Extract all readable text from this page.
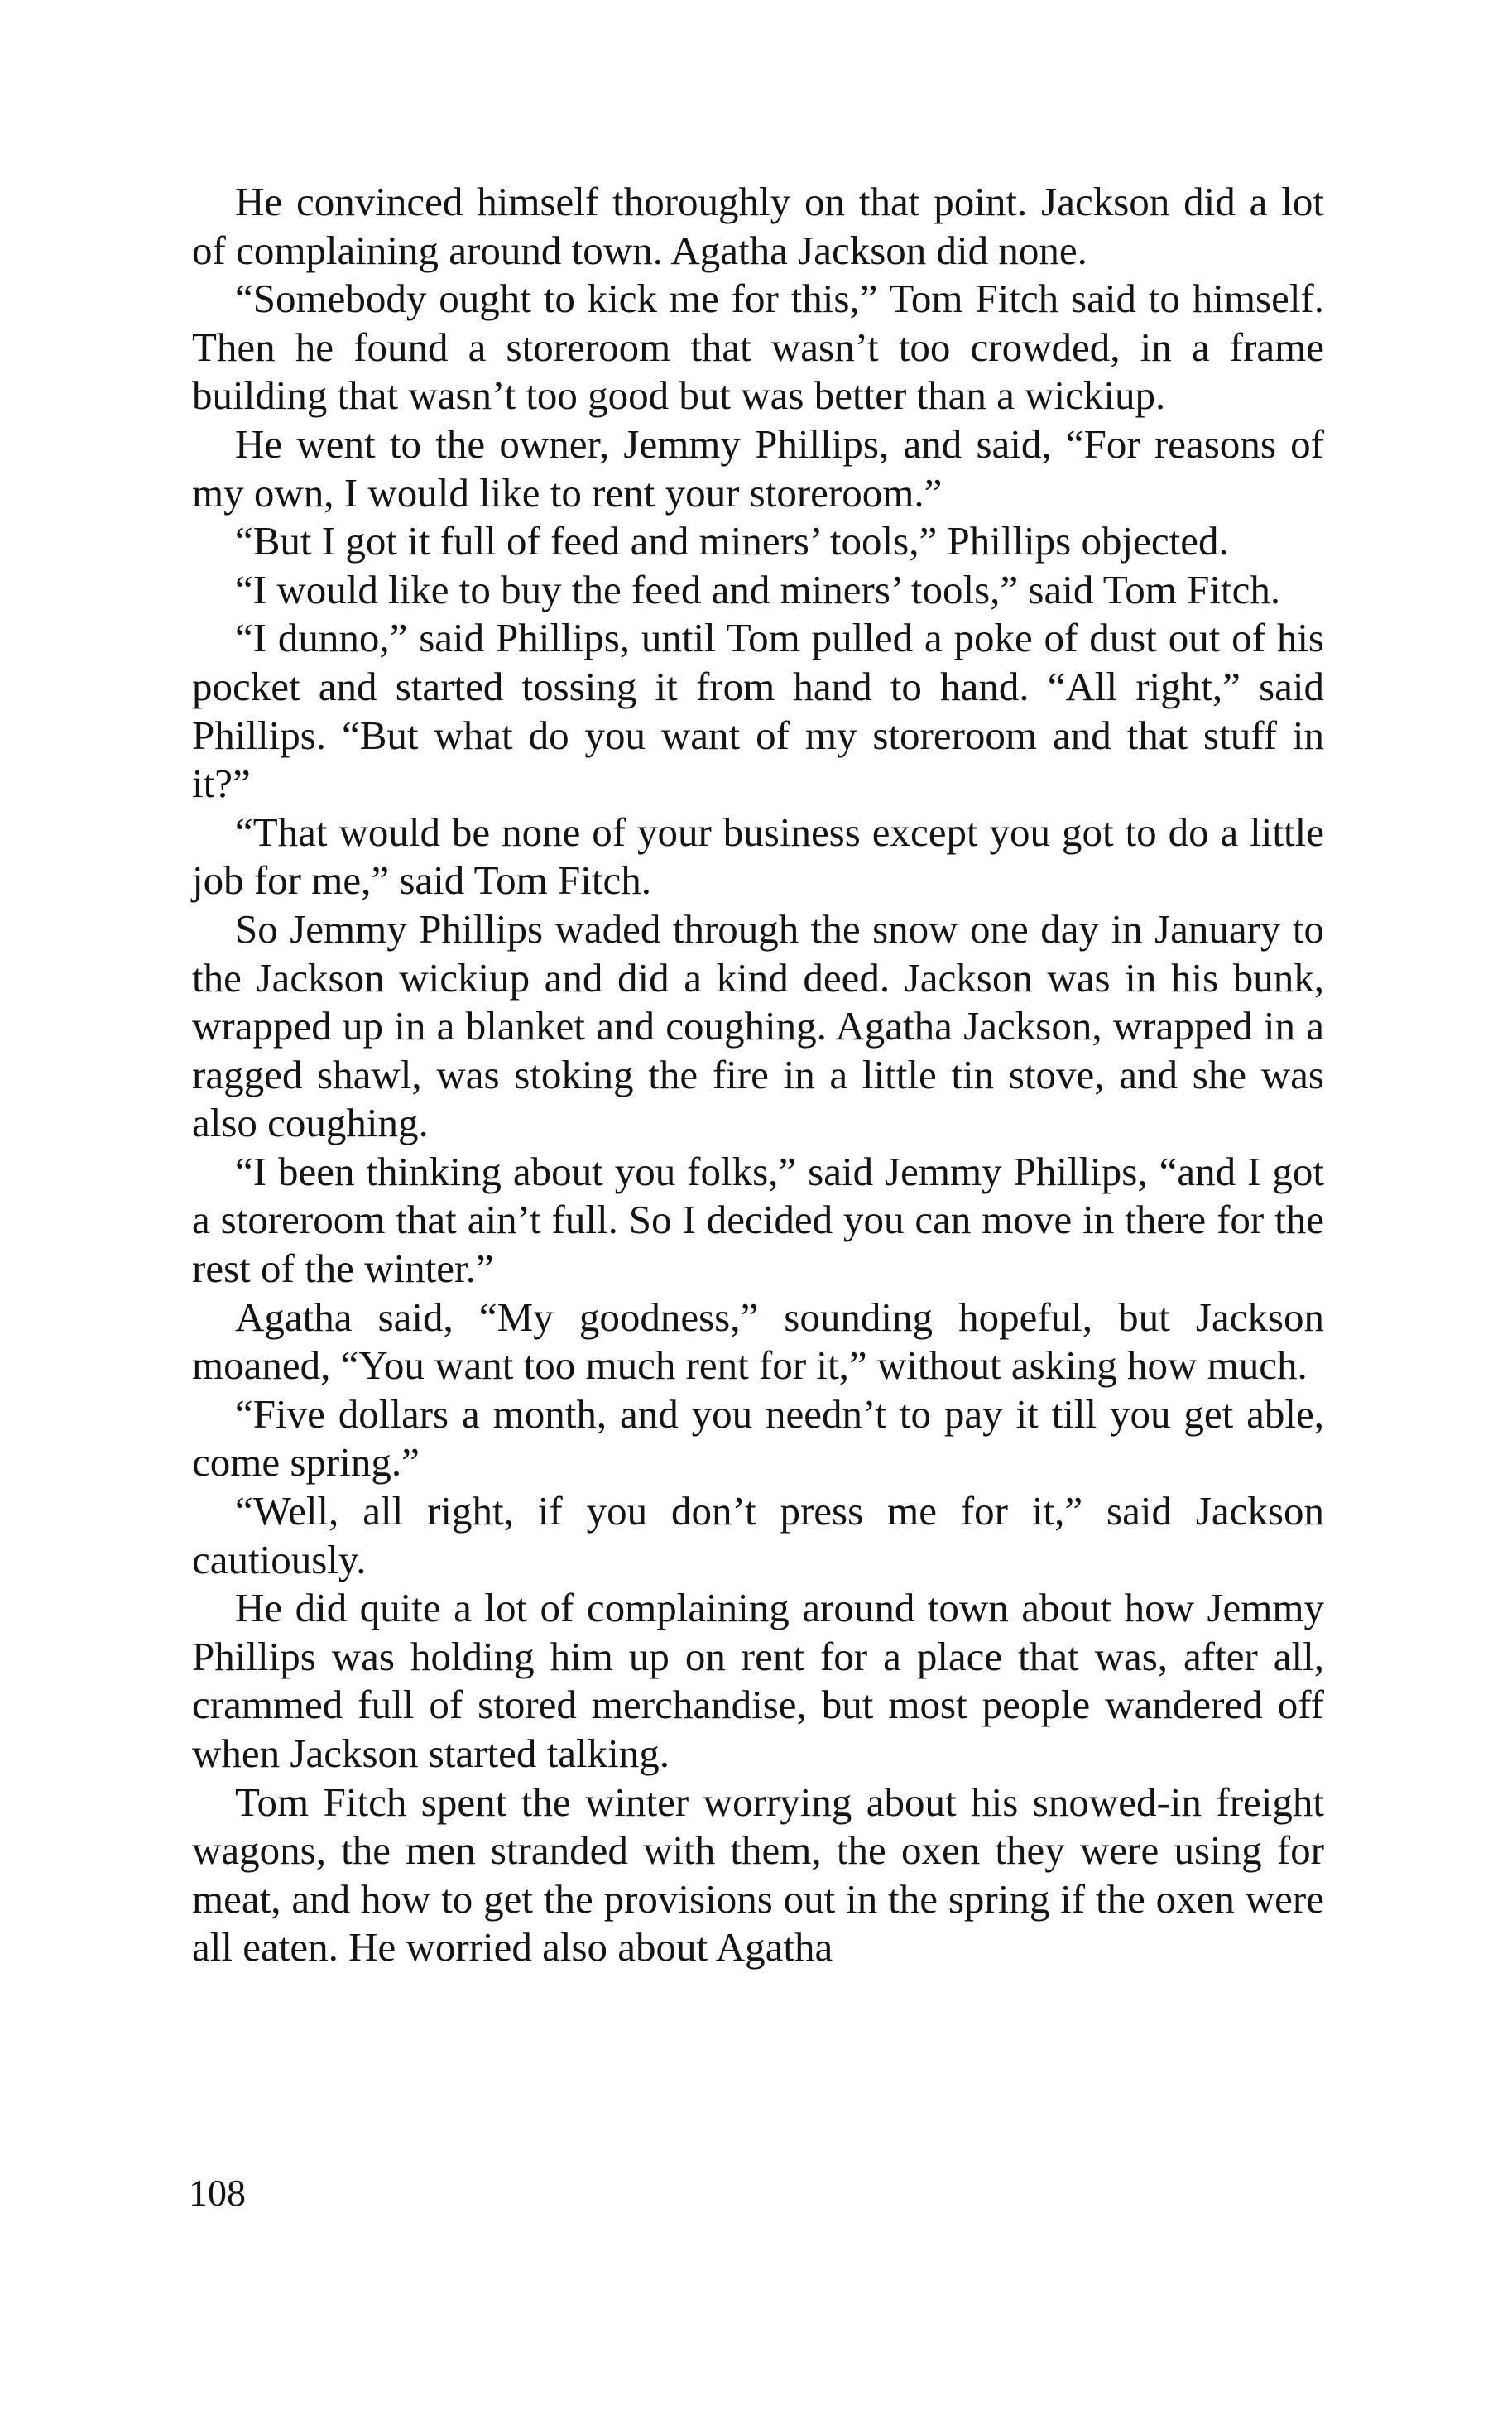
He convinced himself thoroughly on that point. Jackson did a lot of complaining around town. Agatha Jackson did none.

“Somebody ought to kick me for this,” Tom Fitch said to himself. Then he found a storeroom that wasn’t too crowded, in a frame building that wasn’t too good but was better than a wickiup.

He went to the owner, Jemmy Phillips, and said, “For reasons of my own, I would like to rent your storeroom.”

“But I got it full of feed and miners’ tools,” Phillips objected.

“I would like to buy the feed and miners’ tools,” said Tom Fitch.

“I dunno,” said Phillips, until Tom pulled a poke of dust out of his pocket and started tossing it from hand to hand. “All right,” said Phillips. “But what do you want of my storeroom and that stuff in it?”

“That would be none of your business except you got to do a little job for me,” said Tom Fitch.

So Jemmy Phillips waded through the snow one day in January to the Jackson wickiup and did a kind deed. Jackson was in his bunk, wrapped up in a blanket and coughing. Agatha Jackson, wrapped in a ragged shawl, was stoking the fire in a little tin stove, and she was also coughing.

“I been thinking about you folks,” said Jemmy Phillips, “and I got a storeroom that ain’t full. So I decided you can move in there for the rest of the winter.”

Agatha said, “My goodness,” sounding hopeful, but Jackson moaned, “You want too much rent for it,” without asking how much.

“Five dollars a month, and you needn’t to pay it till you get able, come spring.”

“Well, all right, if you don’t press me for it,” said Jackson cautiously.

He did quite a lot of complaining around town about how Jemmy Phillips was holding him up on rent for a place that was, after all, crammed full of stored merchandise, but most people wandered off when Jackson started talking.

Tom Fitch spent the winter worrying about his snowed-in freight wagons, the men stranded with them, the oxen they were using for meat, and how to get the provisions out in the spring if the oxen were all eaten. He worried also about Agatha

108
